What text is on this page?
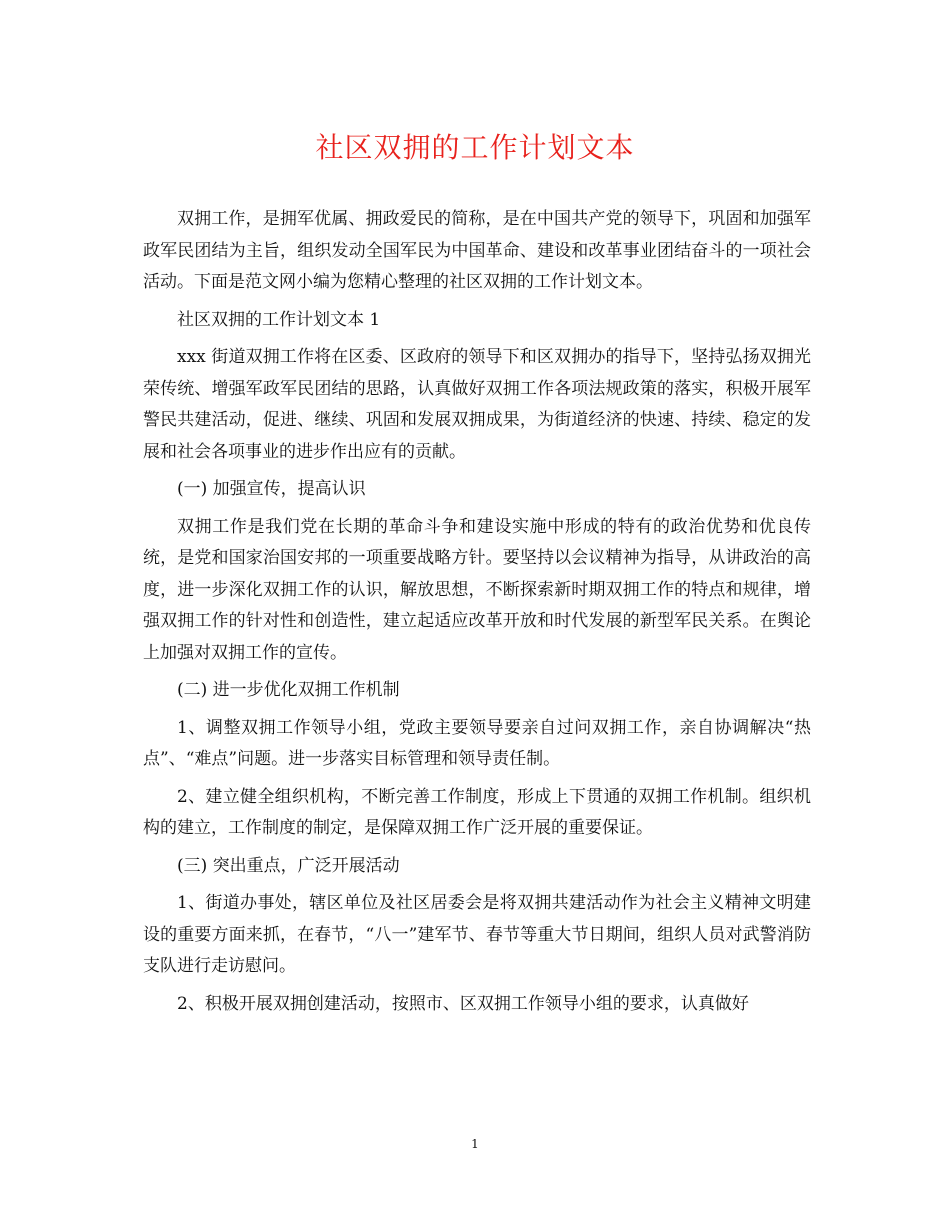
社区双拥的工作计划文本

双拥工作，是拥军优属、拥政爱民的简称，是在中国共产党的领导下，巩固和加强军政军民团结为主旨，组织发动全国军民为中国革命、建设和改革事业团结奋斗的一项社会活动。下面是范文网小编为您精心整理的社区双拥的工作计划文本。

社区双拥的工作计划文本 1

xxx 街道双拥工作将在区委、区政府的领导下和区双拥办的指导下，坚持弘扬双拥光荣传统、增强军政军民团结的思路，认真做好双拥工作各项法规政策的落实，积极开展军警民共建活动，促进、继续、巩固和发展双拥成果，为街道经济的快速、持续、稳定的发展和社会各项事业的进步作出应有的贡献。

(一) 加强宣传，提高认识

双拥工作是我们党在长期的革命斗争和建设实施中形成的特有的政治优势和优良传统，是党和国家治国安邦的一项重要战略方针。要坚持以会议精神为指导，从讲政治的高度，进一步深化双拥工作的认识，解放思想，不断探索新时期双拥工作的特点和规律，增强双拥工作的针对性和创造性，建立起适应改革开放和时代发展的新型军民关系。在舆论上加强对双拥工作的宣传。

(二) 进一步优化双拥工作机制

1、调整双拥工作领导小组，党政主要领导要亲自过问双拥工作，亲自协调解决“热点”、“难点”问题。进一步落实目标管理和领导责任制。

2、建立健全组织机构，不断完善工作制度，形成上下贯通的双拥工作机制。组织机构的建立，工作制度的制定，是保障双拥工作广泛开展的重要保证。

(三) 突出重点，广泛开展活动

1、街道办事处，辖区单位及社区居委会是将双拥共建活动作为社会主义精神文明建设的重要方面来抓，在春节，“八一”建军节、春节等重大节日期间，组织人员对武警消防支队进行走访慰问。

2、积极开展双拥创建活动，按照市、区双拥工作领导小组的要求，认真做好

1
